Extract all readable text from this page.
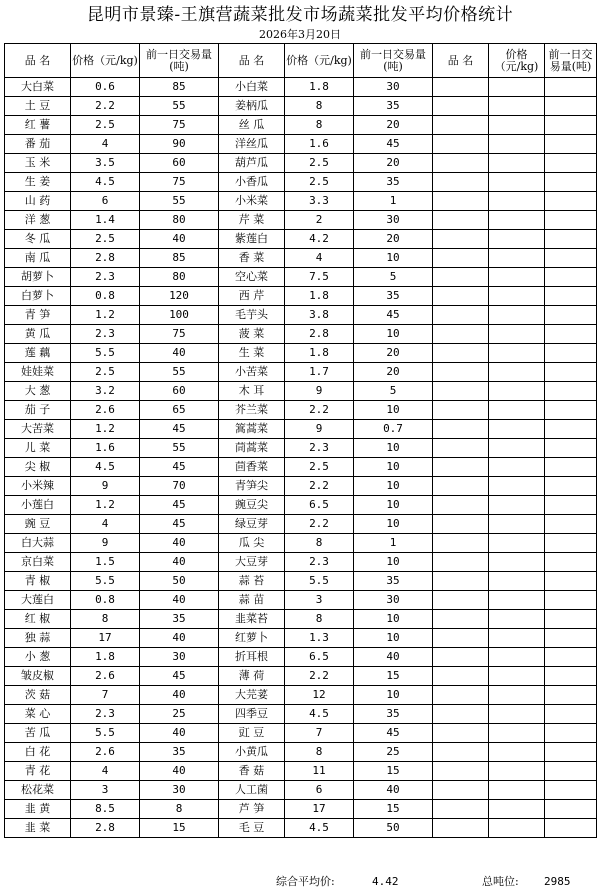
昆明市景臻-王旗营蔬菜批发市场蔬菜批发平均价格统计
2026年3月20日
品 名	价格（元/kg)	前一日交易量(吨)	品 名	价格（元/kg)	前一日交易量(吨)	品 名	价格（元/kg)	前一日交易量(吨)
大白菜	0.6	85	小白菜	1.8	30			
土 豆	2.2	55	姜柄瓜	8	35			
红 薯	2.5	75	丝 瓜	8	20			
番 茄	4	90	洋丝瓜	1.6	45			
玉 米	3.5	60	葫芦瓜	2.5	20			
生 姜	4.5	75	小香瓜	2.5	35			
山 药	6	55	小米菜	3.3	1			
洋 葱	1.4	80	芹 菜	2	30			
冬 瓜	2.5	40	紫莲白	4.2	20			
南 瓜	2.8	85	香 菜	4	10			
胡萝卜	2.3	80	空心菜	7.5	5			
白萝卜	0.8	120	西 芹	1.8	35			
青 笋	1.2	100	毛芋头	3.8	45			
黄 瓜	2.3	75	菠 菜	2.8	10			
莲 藕	5.5	40	生 菜	1.8	20			
娃娃菜	2.5	55	小苦菜	1.7	20			
大 葱	3.2	60	木 耳	9	5			
茄 子	2.6	65	芥兰菜	2.2	10			
大苦菜	1.2	45	篙蒿菜	9	0.7			
儿 菜	1.6	55	茼蒿菜	2.3	10			
尖 椒	4.5	45	茴香菜	2.5	10			
小米辣	9	70	青笋尖	2.2	10			
小莲白	1.2	45	豌豆尖	6.5	10			
豌 豆	4	45	绿豆芽	2.2	10			
白大蒜	9	40	瓜 尖	8	1			
京白菜	1.5	40	大豆芽	2.3	10			
青 椒	5.5	50	蒜 苔	5.5	35			
大莲白	0.8	40	蒜 苗	3	30			
红 椒	8	35	韭菜苔	8	10			
独 蒜	17	40	红萝卜	1.3	10			
小 葱	1.8	30	折耳根	6.5	40			
皱皮椒	2.6	45	薄 荷	2.2	15			
茨 菇	7	40	大芫荽	12	10			
菜 心	2.3	25	四季豆	4.5	35			
苦 瓜	5.5	40	豇 豆	7	45			
白 花	2.6	35	小黄瓜	8	25			
青 花	4	40	香 菇	11	15			
松花菜	3	30	人工菌	6	40			
韭 黄	8.5	8	芦 笋	17	15			
韭 菜	2.8	15	毛 豆	4.5	50			
综合平均价:	4.42	总吨位: 2985
